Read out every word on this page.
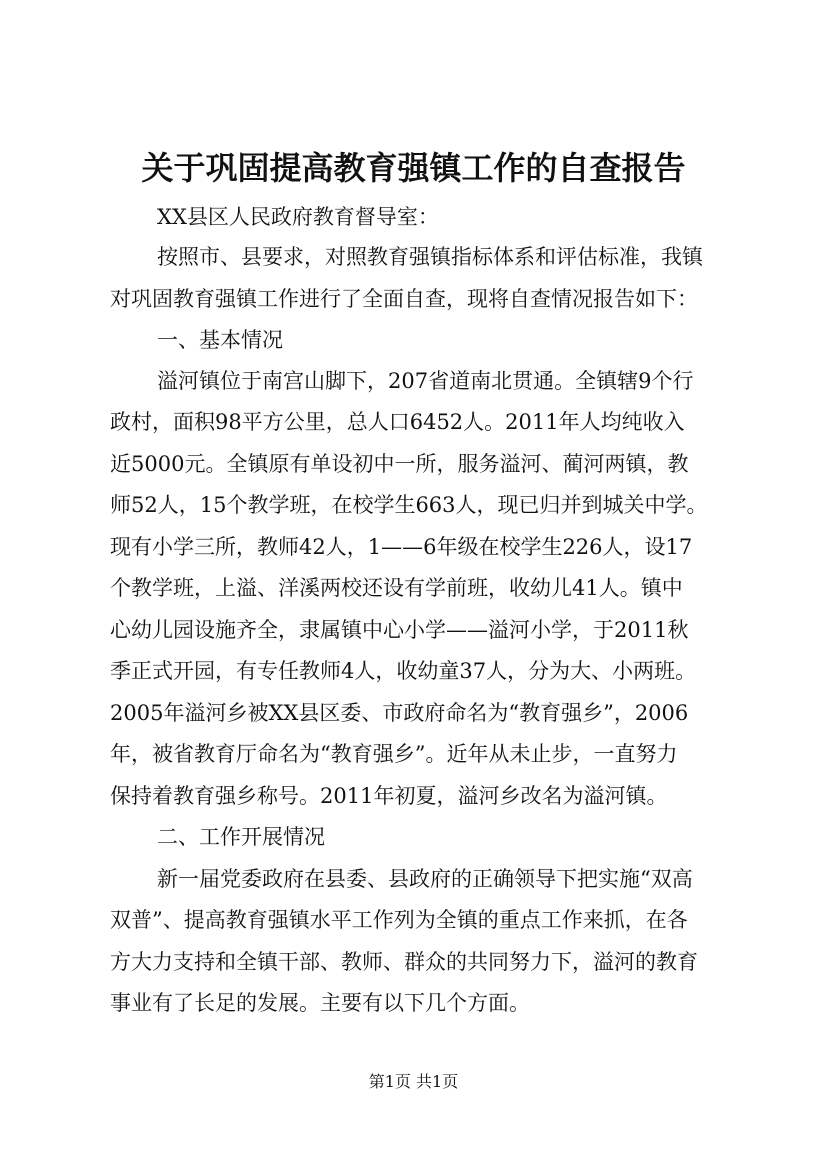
关于巩固提高教育强镇工作的自查报告
XX县区人民政府教育督导室：
按照市、县要求，对照教育强镇指标体系和评估标准，我镇
对巩固教育强镇工作进行了全面自查，现将自查情况报告如下：
一、基本情况
溢河镇位于南宫山脚下，207省道南北贯通。全镇辖9个行
政村，面积98平方公里，总人口6452人。2011年人均纯收入
近5000元。全镇原有单设初中一所，服务溢河、蔺河两镇，教
师52人，15个教学班，在校学生663人，现已归并到城关中学。
现有小学三所，教师42人，1——6年级在校学生226人，设17
个教学班，上溢、洋溪两校还设有学前班，收幼儿41人。镇中
心幼儿园设施齐全，隶属镇中心小学——溢河小学，于2011秋
季正式开园，有专任教师4人，收幼童37人，分为大、小两班。
2005年溢河乡被XX县区委、市政府命名为“教育强乡”，2006
年，被省教育厅命名为“教育强乡”。近年从未止步，一直努力
保持着教育强乡称号。2011年初夏，溢河乡改名为溢河镇。
二、工作开展情况
新一届党委政府在县委、县政府的正确领导下把实施“双高
双普”、提高教育强镇水平工作列为全镇的重点工作来抓，在各
方大力支持和全镇干部、教师、群众的共同努力下，溢河的教育
事业有了长足的发展。主要有以下几个方面。
第1页 共1页
